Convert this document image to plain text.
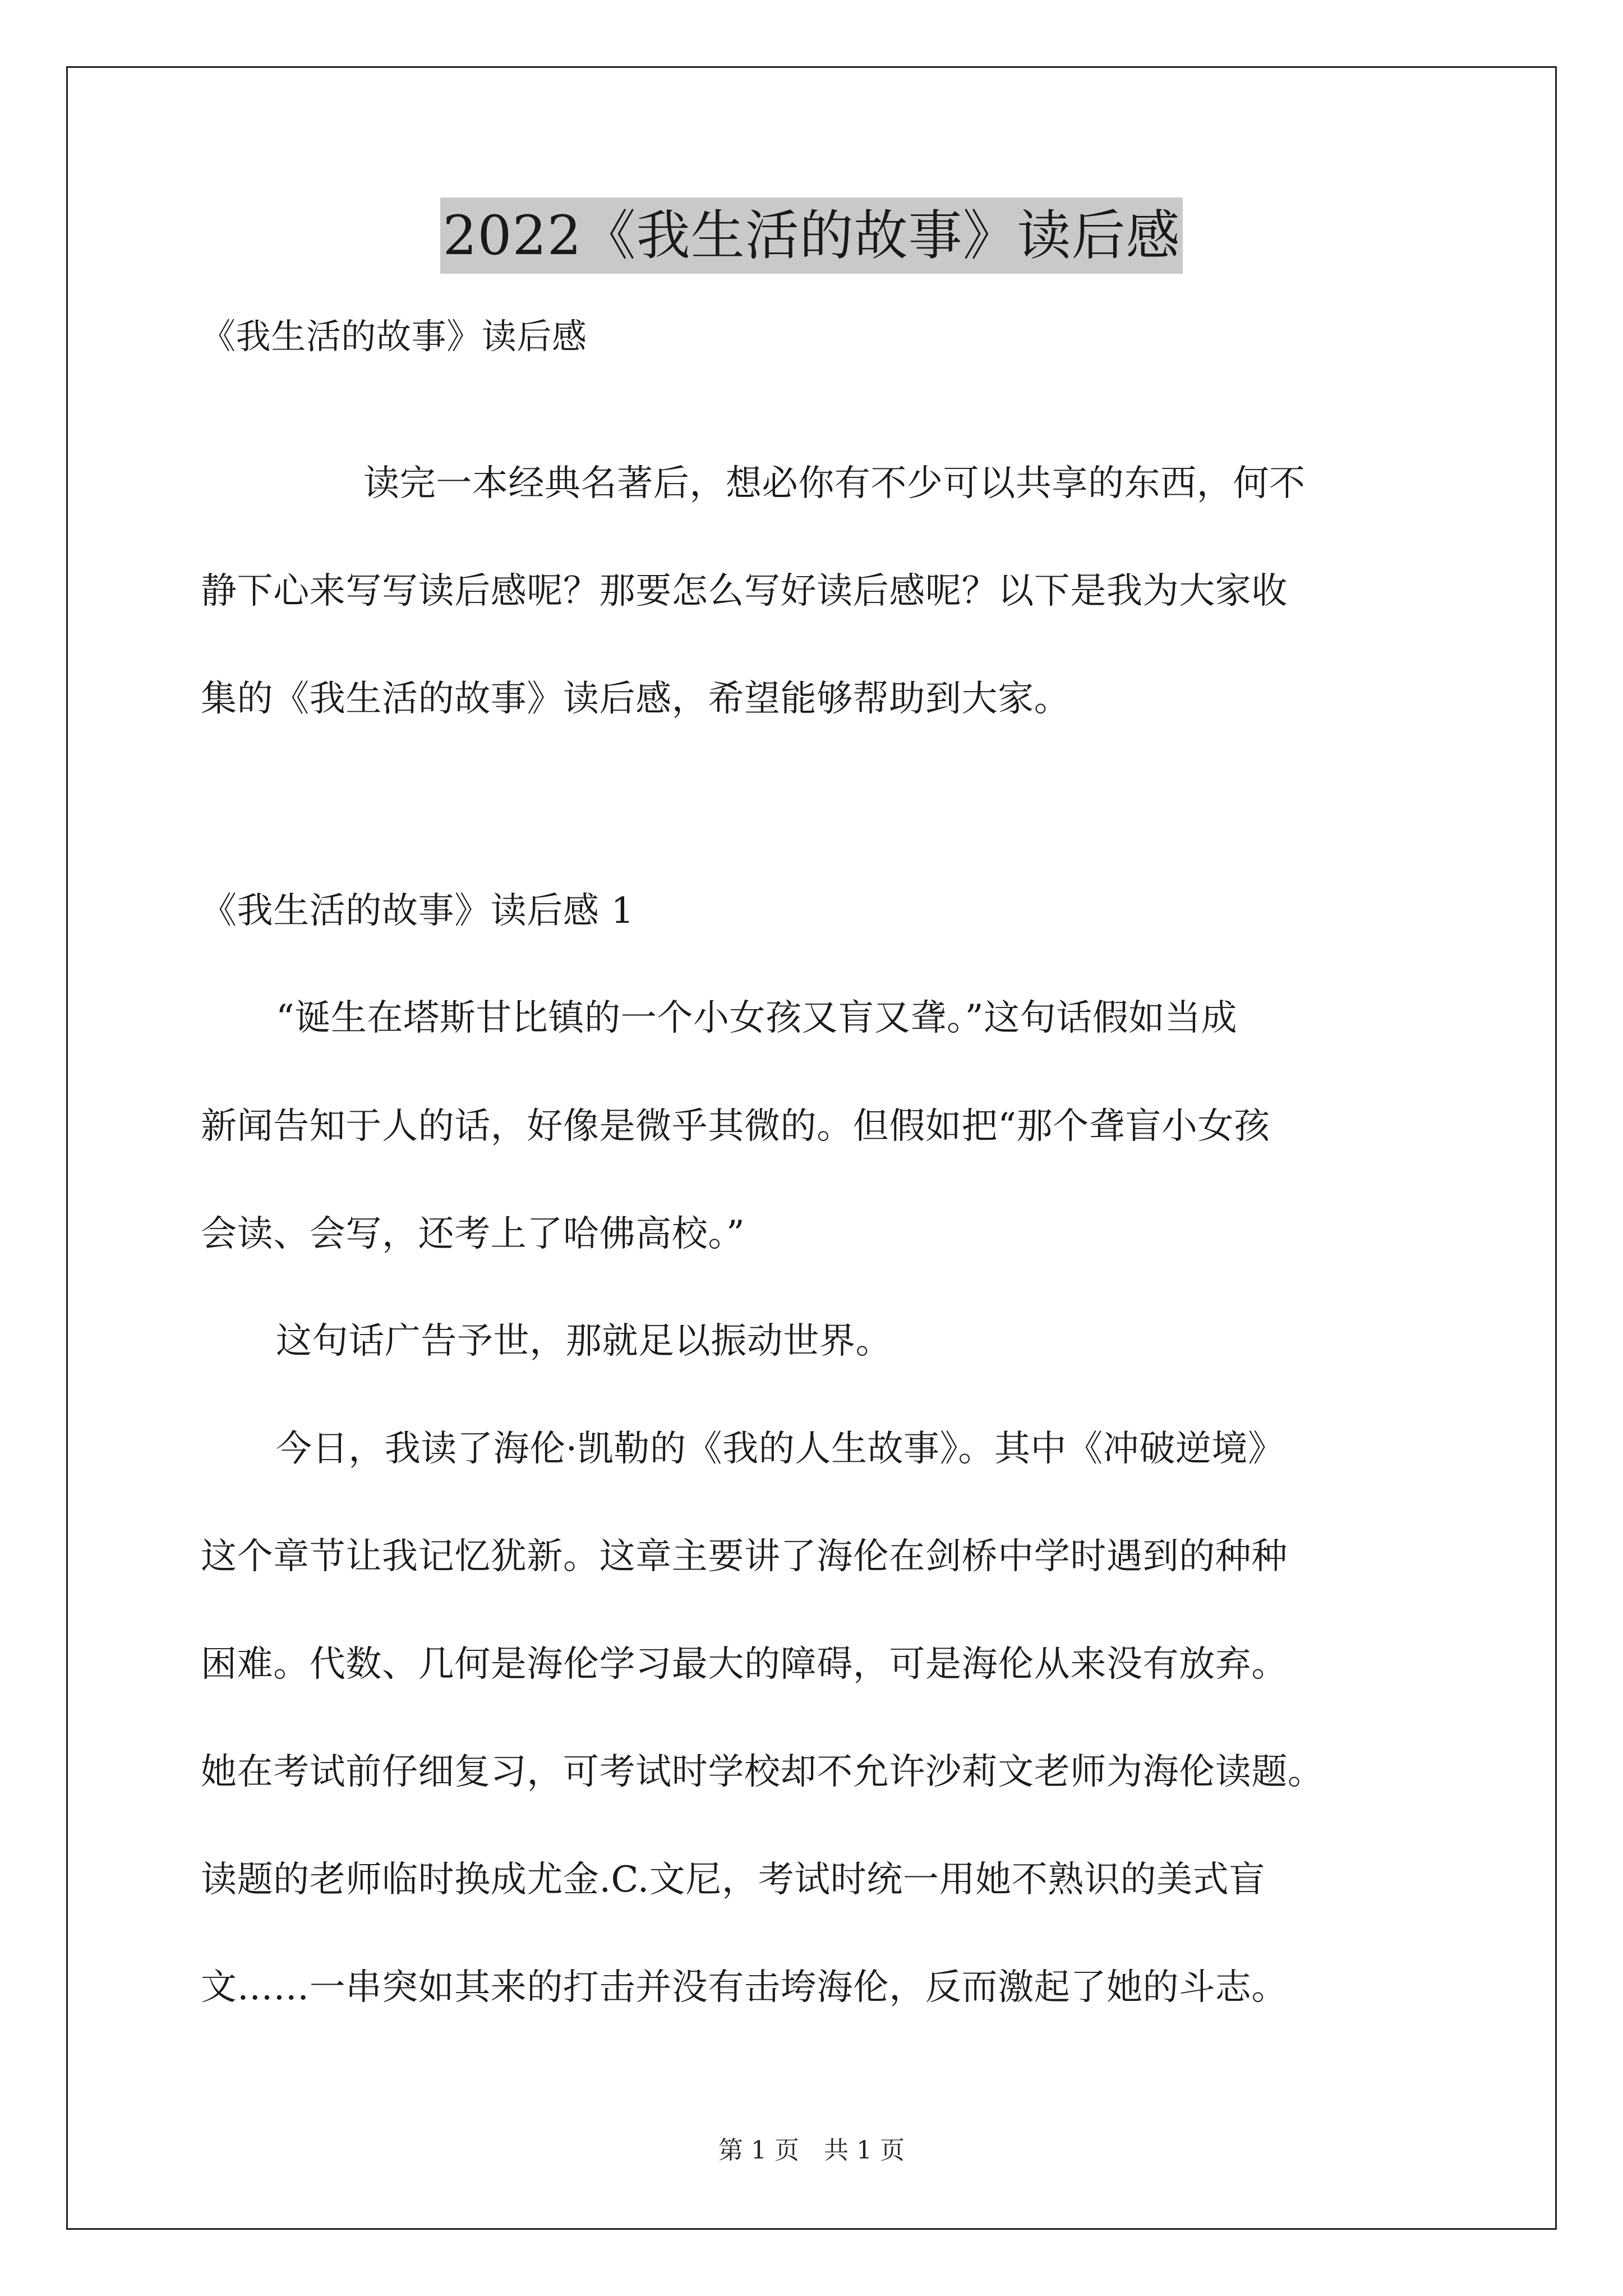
2022《我生活的故事》读后感
《我生活的故事》读后感
读完一本经典名著后，想必你有不少可以共享的东西，何不
静下心来写写读后感呢？那要怎么写好读后感呢？以下是我为大家收
集的《我生活的故事》读后感，希望能够帮助到大家。
《我生活的故事》读后感 1
“诞生在塔斯甘比镇的一个小女孩又肓又聋。”这句话假如当成
新闻告知于人的话，好像是微乎其微的。但假如把“那个聋盲小女孩
会读、会写，还考上了哈佛高校。”
这句话广告予世，那就足以振动世界。
今日，我读了海伦·凯勒的《我的人生故事》。其中《冲破逆境》
这个章节让我记忆犹新。这章主要讲了海伦在剑桥中学时遇到的种种
困难。代数、几何是海伦学习最大的障碍，可是海伦从来没有放弃。
她在考试前仔细复习，可考试时学校却不允许沙莉文老师为海伦读题。
读题的老师临时换成尤金.C.文尼，考试时统一用她不熟识的美式盲
文……一串突如其来的打击并没有击垮海伦，反而激起了她的斗志。
第 1 页　共 1 页
